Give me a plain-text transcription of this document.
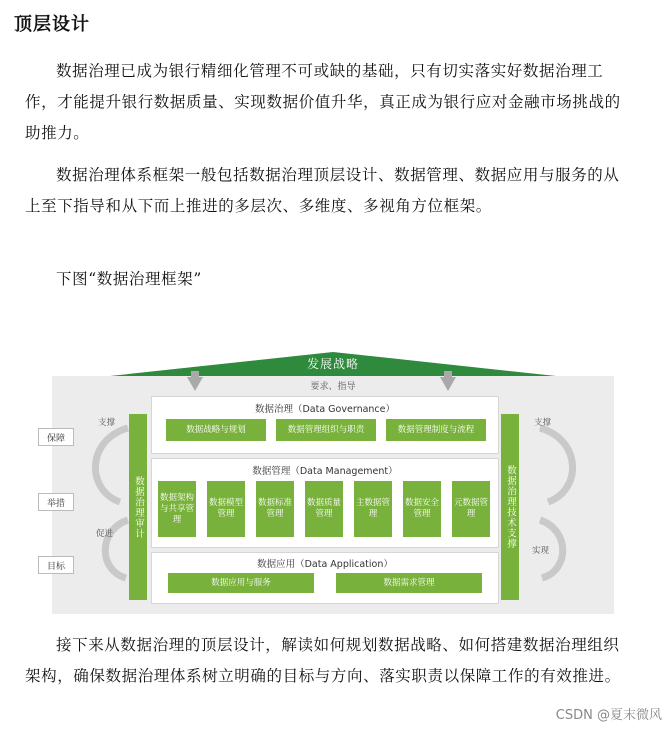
顶层设计

数据治理已成为银行精细化管理不可或缺的基础，只有切实落实好数据治理工作，才能提升银行数据质量、实现数据价值升华，真正成为银行应对金融市场挑战的助推力。

数据治理体系框架一般包括数据治理顶层设计、数据管理、数据应用与服务的从上至下指导和从下而上推进的多层次、多维度、多视角方位框架。

下图“数据治理框架”

发展战略
要求、指导
保障
举措
目标
支撑
促进
支撑
实现
数据治理审计	数据治理技术支撑
数据治理（Data Governance）
数据战略与规划	数据管理组织与职责	数据管理制度与流程
数据管理（Data Management）
数据架构与共享管理
数据模型管理
数据标准管理
数据质量管理
主数据管理
数据安全管理
元数据管理
数据应用（Data Application）
数据应用与服务	数据需求管理

接下来从数据治理的顶层设计，解读如何规划数据战略、如何搭建数据治理组织架构，确保数据治理体系树立明确的目标与方向、落实职责以保障工作的有效推进。

CSDN @夏末微风
